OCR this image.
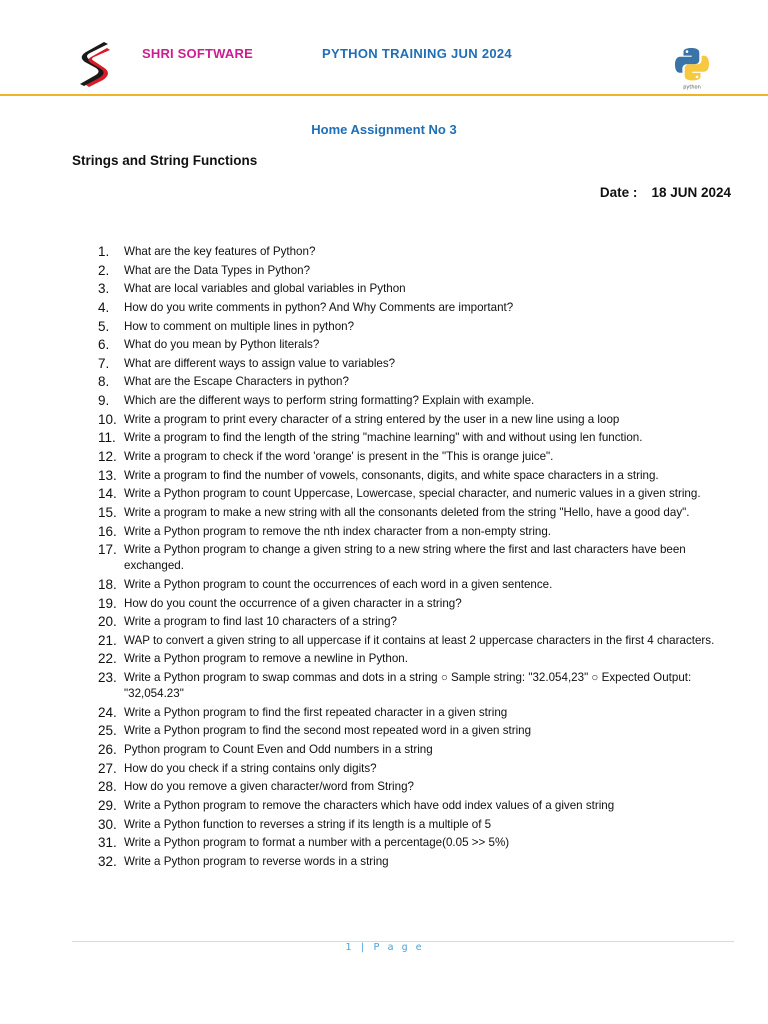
SHRI SOFTWARE	PYTHON TRAINING JUN 2024
python
Home Assignment No 3
Strings and String Functions
Date : 18 JUN 2024
1.	What are the key features of Python?
2.	What are the Data Types in Python?
3.	What are local variables and global variables in Python
4.	How do you write comments in python? And Why Comments are important?
5.	How to comment on multiple lines in python?
6.	What do you mean by Python literals?
7.	What are different ways to assign value to variables?
8.	What are the Escape Characters in python?
9.	Which are the different ways to perform string formatting? Explain with example.
10. Write a program to print every character of a string entered by the user in a new line using a loop
11. Write a program to find the length of the string "machine learning" with and without using len function.
12. Write a program to check if the word 'orange' is present in the "This is orange juice".
13. Write a program to find the number of vowels, consonants, digits, and white space characters in a string.
14. Write a Python program to count Uppercase, Lowercase, special character, and numeric values in a given string.
15. Write a program to make a new string with all the consonants deleted from the string "Hello, have a good day".
16. Write a Python program to remove the nth index character from a non-empty string.
17. Write a Python program to change a given string to a new string where the first and last characters have been exchanged.
18. Write a Python program to count the occurrences of each word in a given sentence.
19. How do you count the occurrence of a given character in a string?
20. Write a program to find last 10 characters of a string?
21. WAP to convert a given string to all uppercase if it contains at least 2 uppercase characters in the first 4 characters.
22. Write a Python program to remove a newline in Python.
23. Write a Python program to swap commas and dots in a string ○ Sample string: "32.054,23" ○ Expected Output: "32,054.23"
24. Write a Python program to find the first repeated character in a given string
25. Write a Python program to find the second most repeated word in a given string
26. Python program to Count Even and Odd numbers in a string
27. How do you check if a string contains only digits?
28. How do you remove a given character/word from String?
29. Write a Python program to remove the characters which have odd index values of a given string
30. Write a Python function to reverses a string if its length is a multiple of 5
31. Write a Python program to format a number with a percentage(0.05 >> 5%)
32. Write a Python program to reverse words in a string
1 | P a g e
